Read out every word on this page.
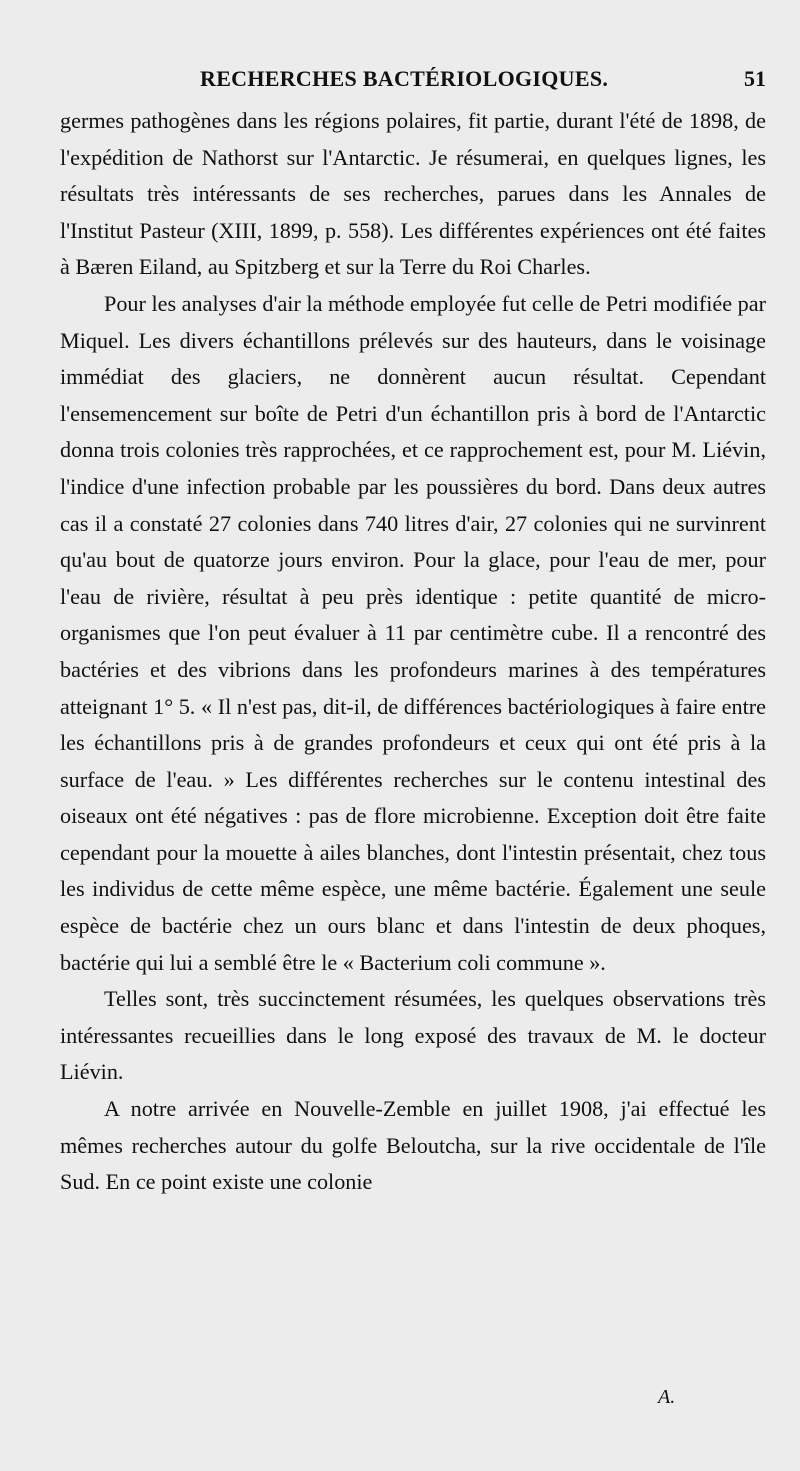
RECHERCHES BACTÉRIOLOGIQUES.	51

germes pathogènes dans les régions polaires, fit partie, durant l'été de 1898, de l'expédition de Nathorst sur l'Antarctic. Je résumerai, en quelques lignes, les résultats très intéressants de ses recherches, parues dans les Annales de l'Institut Pasteur (XIII, 1899, p. 558). Les différentes expériences ont été faites à Bæren Eiland, au Spitzberg et sur la Terre du Roi Charles.

Pour les analyses d'air la méthode employée fut celle de Petri modifiée par Miquel. Les divers échantillons prélevés sur des hauteurs, dans le voisinage immédiat des glaciers, ne donnèrent aucun résultat. Cependant l'ensemencement sur boîte de Petri d'un échantillon pris à bord de l'Antarctic donna trois colonies très rapprochées, et ce rapprochement est, pour M. Liévin, l'indice d'une infection probable par les poussières du bord. Dans deux autres cas il a constaté 27 colonies dans 740 litres d'air, 27 colonies qui ne survinrent qu'au bout de quatorze jours environ. Pour la glace, pour l'eau de mer, pour l'eau de rivière, résultat à peu près identique : petite quantité de micro-organismes que l'on peut évaluer à 11 par centimètre cube. Il a rencontré des bactéries et des vibrions dans les profondeurs marines à des températures atteignant 1° 5. « Il n'est pas, dit-il, de différences bactériologiques à faire entre les échantillons pris à de grandes profondeurs et ceux qui ont été pris à la surface de l'eau. » Les différentes recherches sur le contenu intestinal des oiseaux ont été négatives : pas de flore microbienne. Exception doit être faite cependant pour la mouette à ailes blanches, dont l'intestin présentait, chez tous les individus de cette même espèce, une même bactérie. Également une seule espèce de bactérie chez un ours blanc et dans l'intestin de deux phoques, bactérie qui lui a semblé être le « Bacterium coli commune ».

Telles sont, très succinctement résumées, les quelques observations très intéressantes recueillies dans le long exposé des travaux de M. le docteur Liévin.

A notre arrivée en Nouvelle-Zemble en juillet 1908, j'ai effectué les mêmes recherches autour du golfe Beloutcha, sur la rive occidentale de l'île Sud. En ce point existe une colonie

A.
